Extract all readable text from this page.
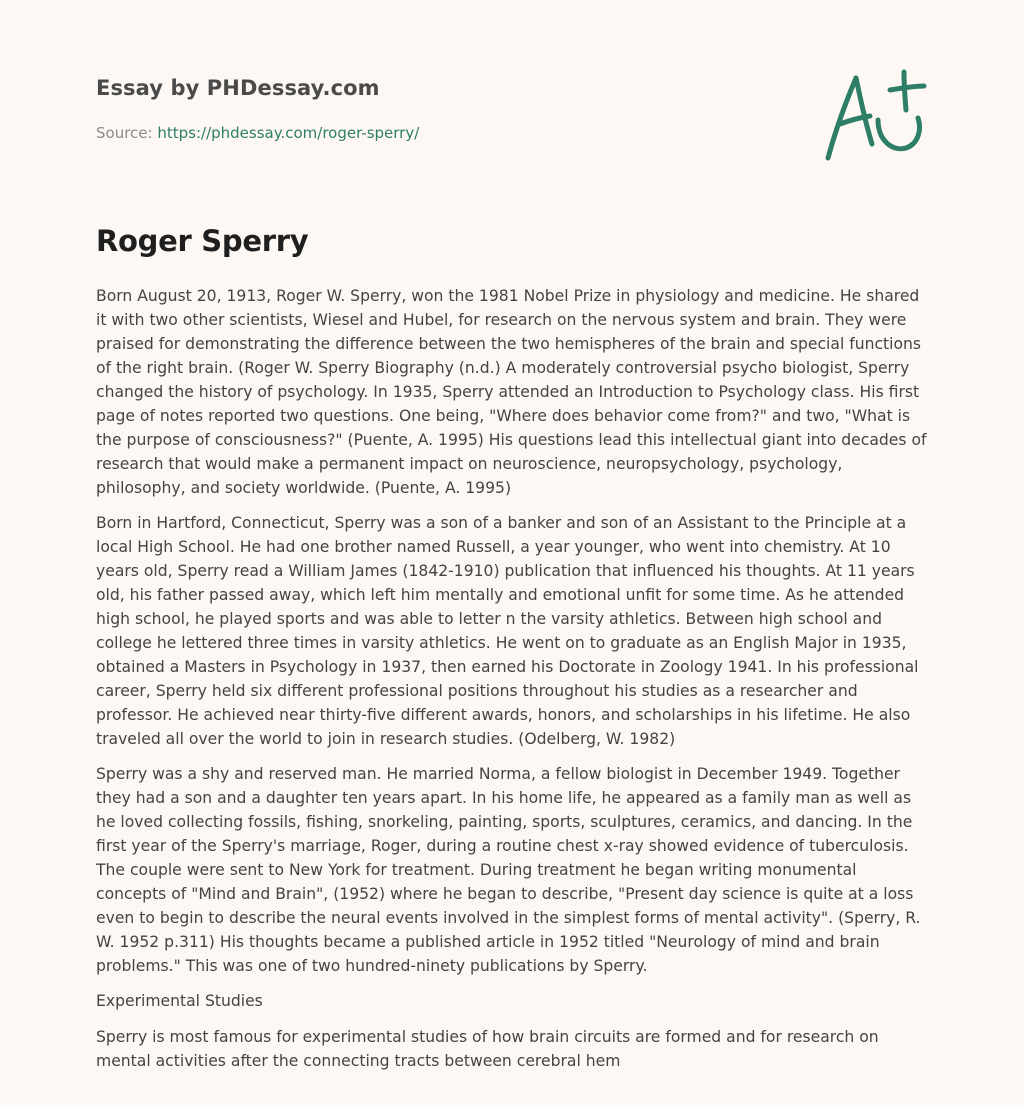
Essay by PHDessay.com
Source: https://phdessay.com/roger-sperry/
Roger Sperry

Born August 20, 1913, Roger W. Sperry, won the 1981 Nobel Prize in physiology and medicine. He shared it with two other scientists, Wiesel and Hubel, for research on the nervous system and brain. They were praised for demonstrating the difference between the two hemispheres of the brain and special functions of the right brain. (Roger W. Sperry Biography (n.d.) A moderately controversial psycho biologist, Sperry changed the history of psychology. In 1935, Sperry attended an Introduction to Psychology class. His first page of notes reported two questions. One being, "Where does behavior come from?" and two, "What is the purpose of consciousness?" (Puente, A. 1995) His questions lead this intellectual giant into decades of research that would make a permanent impact on neuroscience, neuropsychology, psychology, philosophy, and society worldwide. (Puente, A. 1995)

Born in Hartford, Connecticut, Sperry was a son of a banker and son of an Assistant to the Principle at a local High School. He had one brother named Russell, a year younger, who went into chemistry. At 10 years old, Sperry read a William James (1842-1910) publication that influenced his thoughts. At 11 years old, his father passed away, which left him mentally and emotional unfit for some time. As he attended high school, he played sports and was able to letter n the varsity athletics. Between high school and college he lettered three times in varsity athletics. He went on to graduate as an English Major in 1935, obtained a Masters in Psychology in 1937, then earned his Doctorate in Zoology 1941. In his professional career, Sperry held six different professional positions throughout his studies as a researcher and professor. He achieved near thirty-five different awards, honors, and scholarships in his lifetime. He also traveled all over the world to join in research studies. (Odelberg, W. 1982)

Sperry was a shy and reserved man. He married Norma, a fellow biologist in December 1949. Together they had a son and a daughter ten years apart. In his home life, he appeared as a family man as well as he loved collecting fossils, fishing, snorkeling, painting, sports, sculptures, ceramics, and dancing. In the first year of the Sperry's marriage, Roger, during a routine chest x-ray showed evidence of tuberculosis. The couple were sent to New York for treatment. During treatment he began writing monumental concepts of "Mind and Brain", (1952) where he began to describe, "Present day science is quite at a loss even to begin to describe the neural events involved in the simplest forms of mental activity". (Sperry, R. W. 1952 p.311) His thoughts became a published article in 1952 titled "Neurology of mind and brain problems." This was one of two hundred-ninety publications by Sperry.

Experimental Studies

Sperry is most famous for experimental studies of how brain circuits are formed and for research on mental activities after the connecting tracts between cerebral hem
